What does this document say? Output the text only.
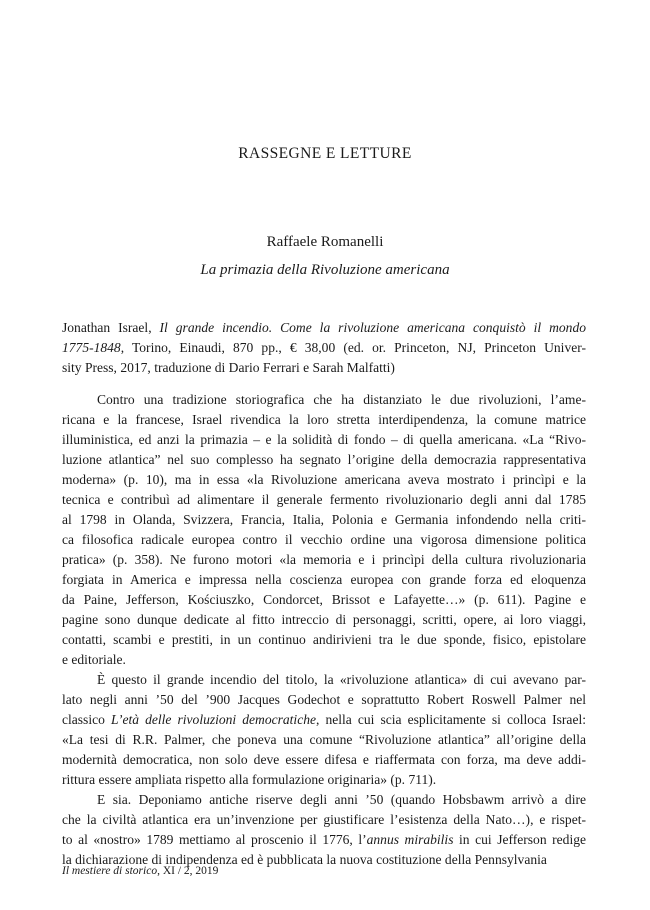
RASSEGNE E LETTURE
Raffaele Romanelli
La primazia della Rivoluzione americana
Jonathan Israel, Il grande incendio. Come la rivoluzione americana conquistò il mondo
1775-1848, Torino, Einaudi, 870 pp., € 38,00 (ed. or. Princeton, NJ, Princeton Univer-
sity Press, 2017, traduzione di Dario Ferrari e Sarah Malfatti)

Contro una tradizione storiografica che ha distanziato le due rivoluzioni, l’ame-
ricana e la francese, Israel rivendica la loro stretta interdipendenza, la comune matrice
illuministica, ed anzi la primazia – e la solidità di fondo – di quella americana. «La “Rivo-
luzione atlantica” nel suo complesso ha segnato l’origine della democrazia rappresentativa
moderna» (p. 10), ma in essa «la Rivoluzione americana aveva mostrato i princìpi e la
tecnica e contribuì ad alimentare il generale fermento rivoluzionario degli anni dal 1785
al 1798 in Olanda, Svizzera, Francia, Italia, Polonia e Germania infondendo nella criti-
ca filosofica radicale europea contro il vecchio ordine una vigorosa dimensione politica
pratica» (p. 358). Ne furono motori «la memoria e i princìpi della cultura rivoluzionaria
forgiata in America e impressa nella coscienza europea con grande forza ed eloquenza
da Paine, Jefferson, Kościuszko, Condorcet, Brissot e Lafayette…» (p. 611). Pagine e
pagine sono dunque dedicate al fitto intreccio di personaggi, scritti, opere, ai loro viaggi,
contatti, scambi e prestiti, in un continuo andirivieni tra le due sponde, fisico, epistolare
e editoriale.

È questo il grande incendio del titolo, la «rivoluzione atlantica» di cui avevano par-
lato negli anni ’50 del ’900 Jacques Godechot e soprattutto Robert Roswell Palmer nel
classico L’età delle rivoluzioni democratiche, nella cui scia esplicitamente si colloca Israel:
«La tesi di R.R. Palmer, che poneva una comune “Rivoluzione atlantica” all’origine della
modernità democratica, non solo deve essere difesa e riaffermata con forza, ma deve addi-
rittura essere ampliata rispetto alla formulazione originaria» (p. 711).

E sia. Deponiamo antiche riserve degli anni ’50 (quando Hobsbawm arrivò a dire
che la civiltà atlantica era un’invenzione per giustificare l’esistenza della Nato…), e rispet-
to al «nostro» 1789 mettiamo al proscenio il 1776, l’annus mirabilis in cui Jefferson redige
la dichiarazione di indipendenza ed è pubblicata la nuova costituzione della Pennsylvania

Il mestiere di storico, XI / 2, 2019
